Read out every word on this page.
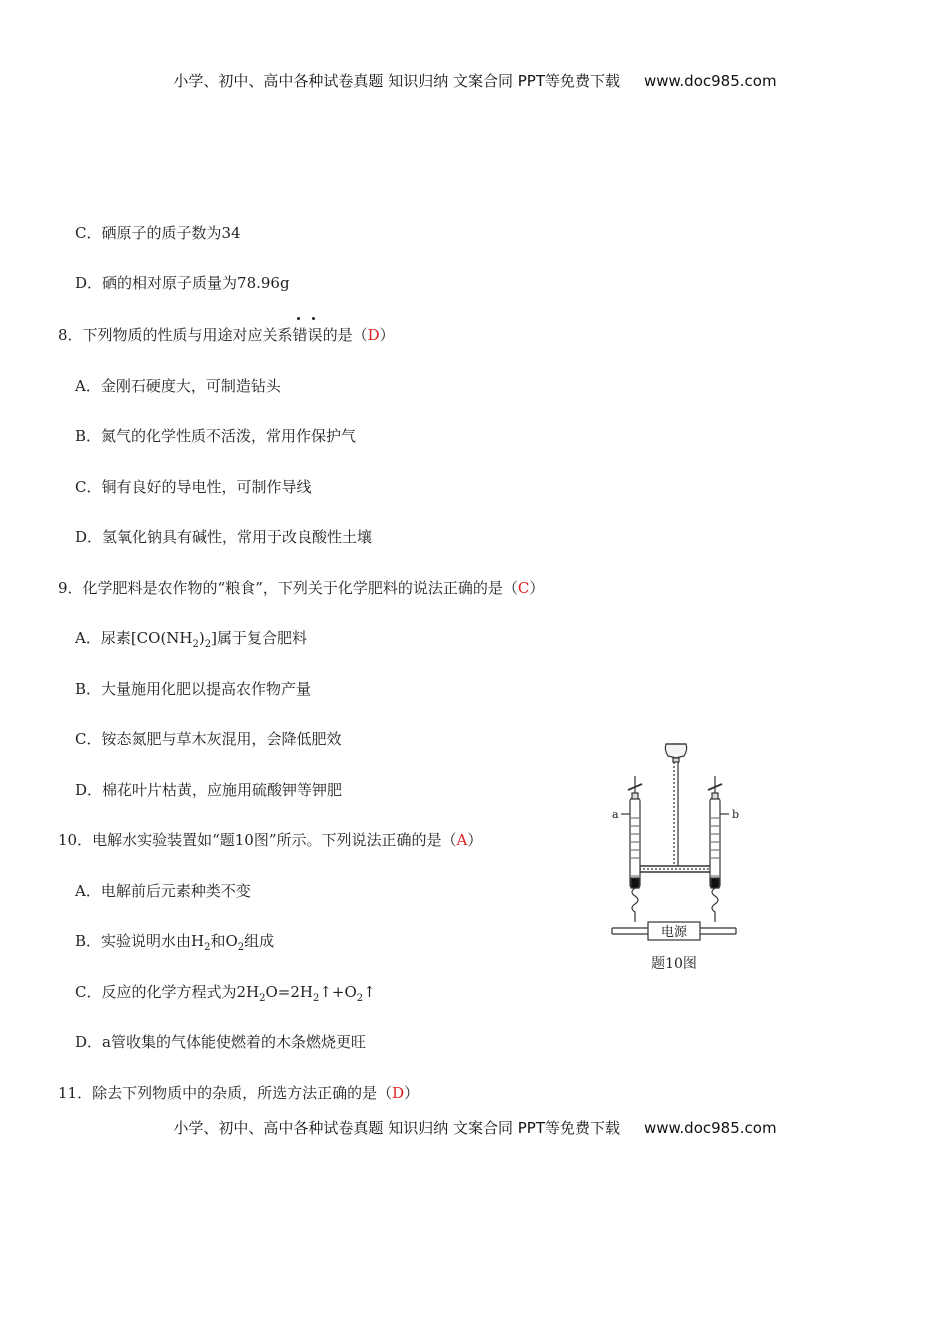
小学、初中、高中各种试卷真题 知识归纳 文案合同 PPT等免费下载 www.doc985.com
C．硒原子的质子数为34
D．硒的相对原子质量为78.96g
8．下列物质的性质与用途对应关系
错误的是（D）
A．金刚石硬度大，可制造钻头
B．氮气的化学性质不活泼，常用作保护气
C．铜有良好的导电性，可制作导线
D．氢氧化钠具有碱性，常用于改良酸性土壤
9．化学肥料是农作物的“粮食”，下列关于化学肥料的说法正确的是（C）
A．尿素$[CO(NH_2)_2]$属于复合肥料
B．大量施用化肥以提高农作物产量
C．铵态氮肥与草木灰混用，会降低肥效
D．棉花叶片枯黄，应施用硫酸钾等钾肥
10．电解水实验装置如“题10图”所示。下列说法正确的是（A）
A．电解前后元素种类不变
B．实验说明水由$H_2$和$O_2$组成
C．反应的化学方程式为$2H_2O=2H_2↑+O_2↑$
D．a管收集的气体能使燃着的木条燃烧更旺
11．除去下列物质中的杂质，所选方法正确的是（D）
a	b
电源
题10图
小学、初中、高中各种试卷真题 知识归纳 文案合同 PPT等免费下载 www.doc985.com
